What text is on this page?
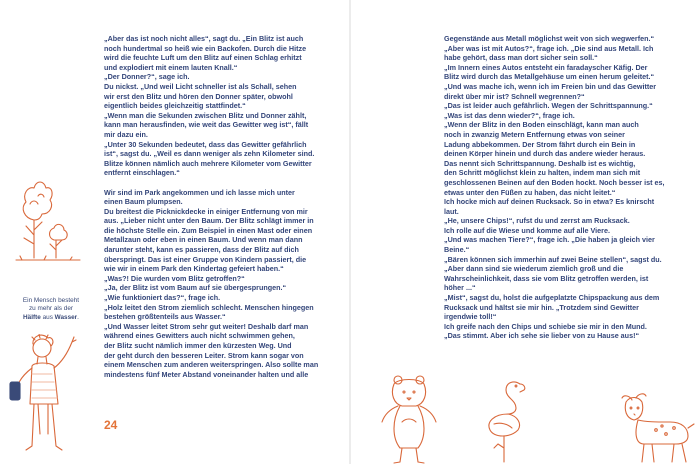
„Aber das ist noch nicht alles“, sagt du. „Ein Blitz ist auch
noch hundertmal so heiß wie ein Backofen. Durch die Hitze
wird die feuchte Luft um den Blitz auf einen Schlag erhitzt
und explodiert mit einem lauten Knall.“

„Der Donner?“, sage ich.

Du nickst. „Und weil Licht schneller ist als Schall, sehen
wir erst den Blitz und hören den Donner später, obwohl
eigentlich beides gleichzeitig stattfindet.“

„Wenn man die Sekunden zwischen Blitz und Donner zählt,
kann man herausfinden, wie weit das Gewitter weg ist“, fällt
mir dazu ein.

„Unter 30 Sekunden bedeutet, dass das Gewitter gefährlich
ist“, sagst du. „Weil es dann weniger als zehn Kilometer sind.
Blitze können nämlich auch mehrere Kilometer vom Gewitter
entfernt einschlagen.“

Wir sind im Park angekommen und ich lasse mich unter
einen Baum plumpsen.

Du breitest die Picknickdecke in einiger Entfernung von mir
aus. „Lieber nicht unter den Baum. Der Blitz schlägt immer in
die höchste Stelle ein. Zum Beispiel in einen Mast oder einen
Metallzaun oder eben in einen Baum. Und wenn man dann
darunter steht, kann es passieren, dass der Blitz auf dich
überspringt. Das ist einer Gruppe von Kindern passiert, die
wie wir in einem Park den Kindertag gefeiert haben.“

„Was?! Die wurden vom Blitz getroffen?“

„Ja, der Blitz ist vom Baum auf sie übergesprungen.“

„Wie funktioniert das?“, frage ich.

„Holz leitet den Strom ziemlich schlecht. Menschen hingegen
bestehen größtenteils aus Wasser.“

„Und Wasser leitet Strom sehr gut weiter! Deshalb darf man
während eines Gewitters auch nicht schwimmen gehen,
der Blitz sucht nämlich immer den kürzesten Weg. Und
der geht durch den besseren Leiter. Strom kann sogar von
einem Menschen zum anderen weiterspringen. Also sollte man
mindestens fünf Meter Abstand voneinander halten und alle

24
Ein Mensch besteht zu mehr als der Hälfte aus Wasser.

Gegenstände aus Metall möglichst weit von sich wegwerfen.“

„Aber was ist mit Autos?“, frage ich. „Die sind aus Metall. Ich
habe gehört, dass man dort sicher sein soll.“

„Im Innern eines Autos entsteht ein faradayscher Käfig. Der
Blitz wird durch das Metallgehäuse um einen herum geleitet.“

„Und was mache ich, wenn ich im Freien bin und das Gewitter
direkt über mir ist? Schnell wegrennen?“

„Das ist leider auch gefährlich. Wegen der Schrittspannung.“

„Was ist das denn wieder?“, frage ich.

„Wenn der Blitz in den Boden einschlägt, kann man auch
noch in zwanzig Metern Entfernung etwas von seiner
Ladung abbekommen. Der Strom fährt durch ein Bein in
deinen Körper hinein und durch das andere wieder heraus.
Das nennt sich Schrittspannung. Deshalb ist es wichtig,
den Schritt möglichst klein zu halten, indem man sich mit
geschlossenen Beinen auf den Boden hockt. Noch besser ist es,
etwas unter den Füßen zu haben, das nicht leitet.“

Ich hocke mich auf deinen Rucksack. So in etwa? Es knirscht
laut.

„He, unsere Chips!“, rufst du und zerrst am Rucksack.

Ich rolle auf die Wiese und komme auf alle Viere.

„Und was machen Tiere?“, frage ich. „Die haben ja gleich vier
Beine.“

„Bären können sich immerhin auf zwei Beine stellen“, sagst du.

„Aber dann sind sie wiederum ziemlich groß und die
Wahrscheinlichkeit, dass sie vom Blitz getroffen werden, ist
höher ...“

„Mist“, sagst du, holst die aufgeplatzte Chipspackung aus dem
Rucksack und hältst sie mir hin. „Trotzdem sind Gewitter
irgendwie toll!“

Ich greife nach den Chips und schiebe sie mir in den Mund.

„Das stimmt. Aber ich sehe sie lieber von zu Hause aus!“
